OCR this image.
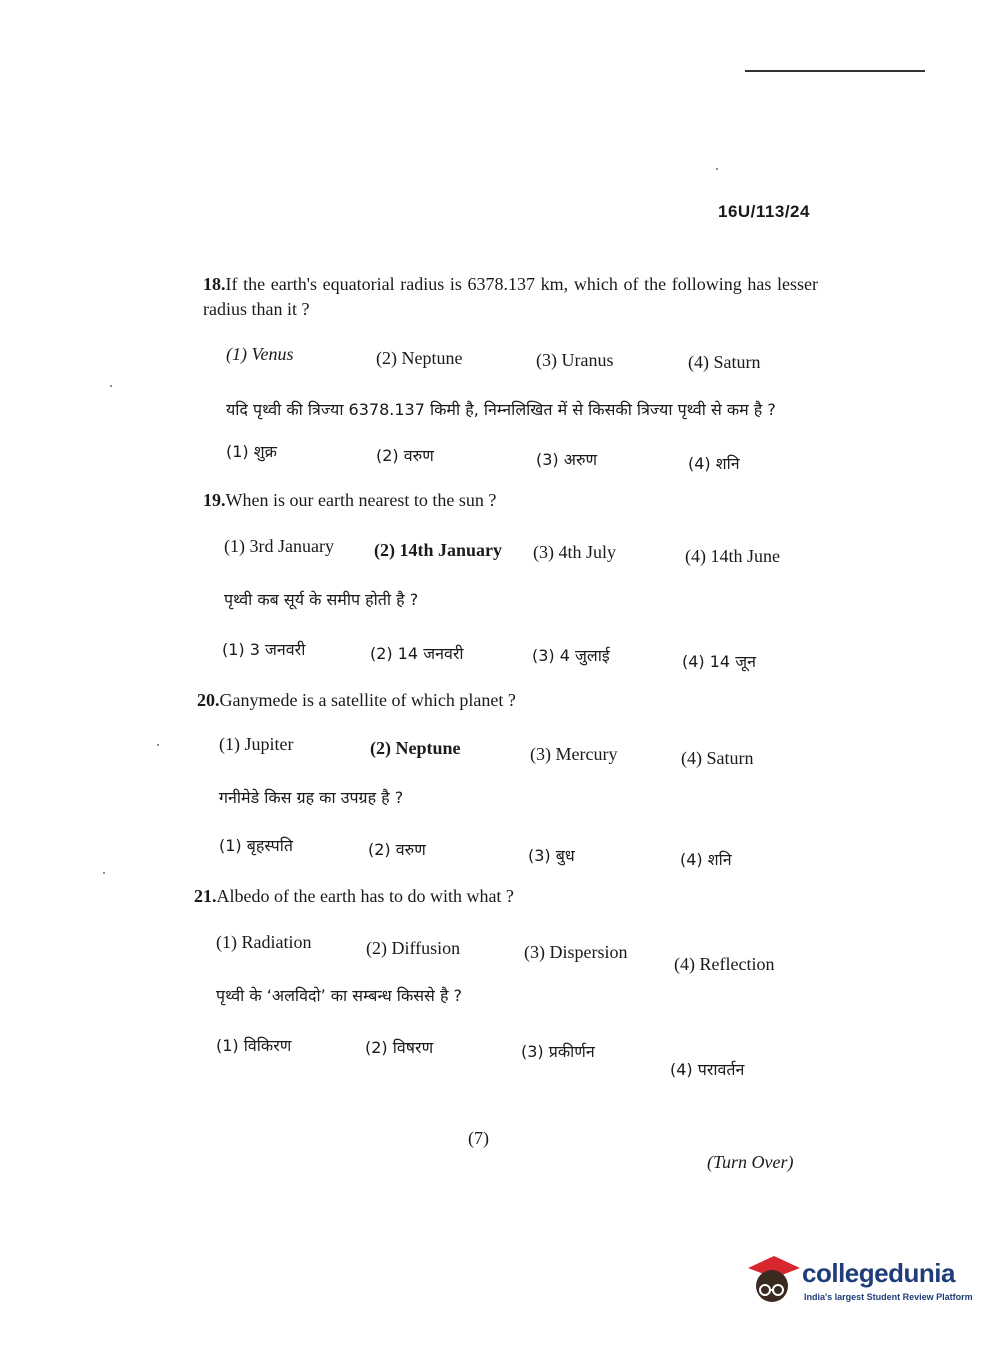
16U/113/24
18.If the earth's equatorial radius is 6378.137 km, which of the following has lesser radius than it ?
(1) Venus	(2) Neptune	(3) Uranus	(4) Saturn
यदि पृथ्वी की त्रिज्या 6378.137 किमी है, निम्नलिखित में से किसकी त्रिज्या पृथ्वी से कम है ?
(1) शुक्र	(2) वरुण	(3) अरुण	(4) शनि
19.When is our earth nearest to the sun ?
(1) 3rd January (2) 14th January (3) 4th July	(4) 14th June
पृथ्वी कब सूर्य के समीप होती है ?
(1) 3 जनवरी	(2) 14 जनवरी	(3) 4 जुलाई	(4) 14 जून
20.Ganymede is a satellite of which planet ?
(1) Jupiter	(2) Neptune	(3) Mercury	(4) Saturn
गनीमेडे किस ग्रह का उपग्रह है ?
(1) बृहस्पति	(2) वरुण	(3) बुध	(4) शनि
21.Albedo of the earth has to do with what ?
(1) Radiation	(2) Diffusion	(3) Dispersion
(4) Reflection
पृथ्वी के ‘अलविदो’ का सम्बन्ध किससे है ?
(1) विकिरण	(2) विषरण	(3) प्रकीर्णन
(4) परावर्तन
(7)
(Turn Over)
collegedunia
India's largest Student Review Platform
